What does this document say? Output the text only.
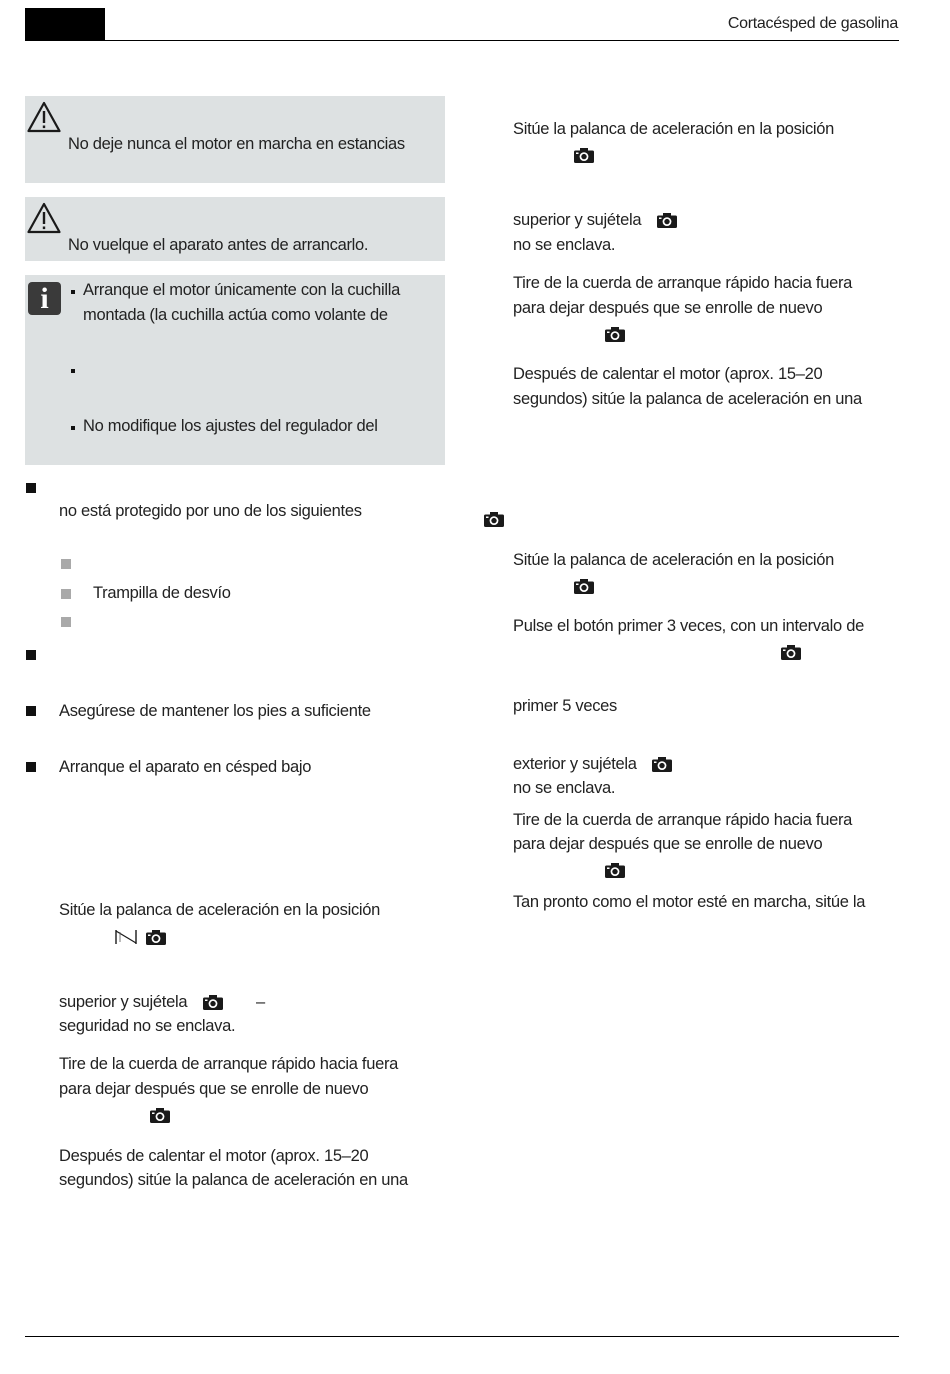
Cortacésped de gasolina
No deje nunca el motor en marcha en estancias
No vuelque el aparato antes de arrancarlo.
i	Arranque el motor únicamente con la cuchilla
montada (la cuchilla actúa como volante de
No modifique los ajustes del regulador del
no está protegido por uno de los siguientes
Trampilla de desvío
Asegúrese de mantener los pies a suficiente
Arranque el aparato en césped bajo
Sitúe la palanca de aceleración en la posición
superior y sujétela	–
seguridad no se enclava.
Tire de la cuerda de arranque rápido hacia fuera
para dejar después que se enrolle de nuevo
Después de calentar el motor (aprox. 15–20
segundos) sitúe la palanca de aceleración en una
Sitúe la palanca de aceleración en la posición
superior y sujétela
no se enclava.
Tire de la cuerda de arranque rápido hacia fuera
para dejar después que se enrolle de nuevo
Después de calentar el motor (aprox. 15–20
segundos) sitúe la palanca de aceleración en una
Sitúe la palanca de aceleración en la posición
Pulse el botón primer 3 veces, con un intervalo de
primer 5 veces
exterior y sujétela
no se enclava.
Tire de la cuerda de arranque rápido hacia fuera
para dejar después que se enrolle de nuevo
Tan pronto como el motor esté en marcha, sitúe la
